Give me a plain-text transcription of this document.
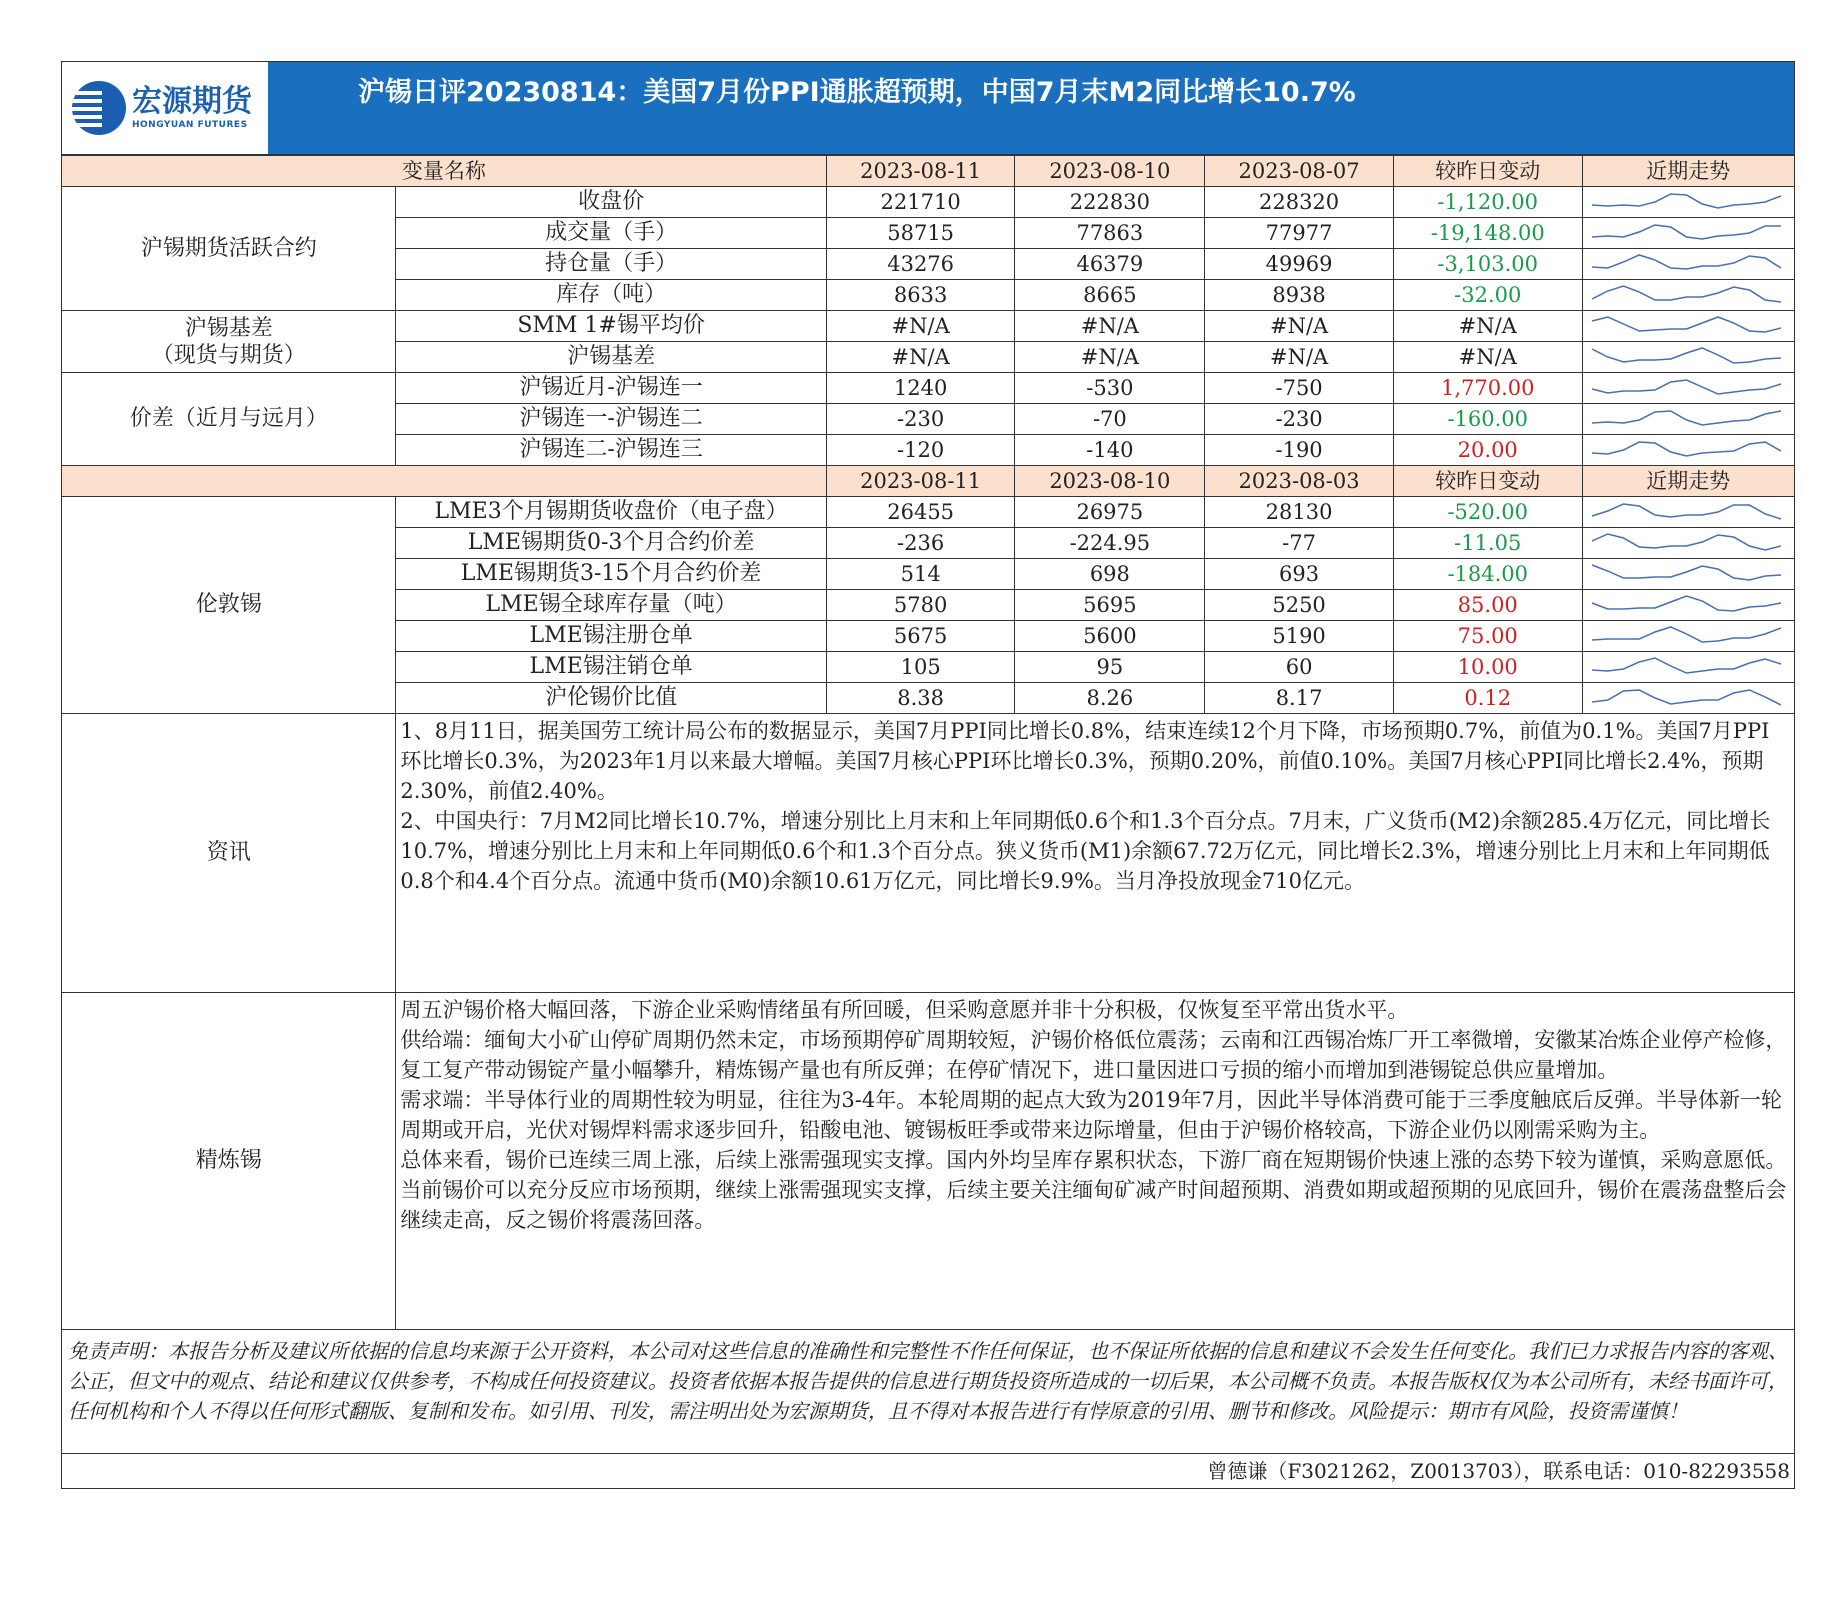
宏源期货
HONGYUAN FUTURES
沪锡日评20230814：美国7月份PPI通胀超预期，中国7月末M2同比增长10.7%
变量名称		2023-08-11	2023-08-10	2023-08-07	较昨日变动	近期走势
沪锡期货活跃合约	收盘价	221710	222830	228320	-1,120.00	

	成交量（手）	58715	77863	77977	-19,148.00	

	持仓量（手）	43276	46379	49969	-3,103.00	

	库存（吨）	8633	8665	8938	-32.00	

沪锡基差
（现货与期货）	SMM 1#锡平均价	#N/A	#N/A	#N/A	#N/A	

	沪锡基差	#N/A	#N/A	#N/A	#N/A	

价差（近月与远月）	沪锡近月-沪锡连一	1240	-530	-750	1,770.00	

	沪锡连一-沪锡连二	-230	-70	-230	-160.00	

	沪锡连二-沪锡连三	-120	-140	-190	20.00	

		2023-08-11	2023-08-10	2023-08-03	较昨日变动	近期走势
伦敦锡	LME3个月锡期货收盘价（电子盘）	26455	26975	28130	-520.00	

	LME锡期货0-3个月合约价差	-236	-224.95	-77	-11.05	

	LME锡期货3-15个月合约价差	514	698	693	-184.00	

	LME锡全球库存量（吨）	5780	5695	5250	85.00	

	LME锡注册仓单	5675	5600	5190	75.00	

	LME锡注销仓单	105	95	60	10.00	

	沪伦锡价比值	8.38	8.26	8.17	0.12	

资讯	1、8月11日，据美国劳工统计局公布的数据显示，美国7月PPI同比增长0.8%，结束连续12个月下降，市场预期0.7%，前值为0.1%。美国7月PPI环比增长0.3%，为2023年1月以来最大增幅。美国7月核心PPI环比增长0.3%，预期0.20%，前值0.10%。美国7月核心PPI同比增长2.4%，预期2.30%，前值2.40%。
2、中国央行：7月M2同比增长10.7%，增速分别比上月末和上年同期低0.6个和1.3个百分点。7月末，广义货币(M2)余额285.4万亿元，同比增长10.7%，增速分别比上月末和上年同期低0.6个和1.3个百分点。狭义货币(M1)余额67.72万亿元，同比增长2.3%，增速分别比上月末和上年同期低0.8个和4.4个百分点。流通中货币(M0)余额10.61万亿元，同比增长9.9%。当月净投放现金710亿元。					

精炼锡	周五沪锡价格大幅回落，下游企业采购情绪虽有所回暖，但采购意愿并非十分积极，仅恢复至平常出货水平。
供给端：缅甸大小矿山停矿周期仍然未定，市场预期停矿周期较短，沪锡价格低位震荡；云南和江西锡冶炼厂开工率微增，安徽某冶炼企业停产检修，复工复产带动锡锭产量小幅攀升，精炼锡产量也有所反弹；在停矿情况下，进口量因进口亏损的缩小而增加到港锡锭总供应量增加。
需求端：半导体行业的周期性较为明显，往往为3-4年。本轮周期的起点大致为2019年7月，因此半导体消费可能于三季度触底后反弹。半导体新一轮周期或开启，光伏对锡焊料需求逐步回升，铅酸电池、镀锡板旺季或带来边际增量，但由于沪锡价格较高，下游企业仍以刚需采购为主。
总体来看，锡价已连续三周上涨，后续上涨需强现实支撑。国内外均呈库存累积状态，下游厂商在短期锡价快速上涨的态势下较为谨慎，采购意愿低。当前锡价可以充分反应市场预期，继续上涨需强现实支撑，后续主要关注缅甸矿减产时间超预期、消费如期或超预期的见底回升，锡价在震荡盘整后会继续走高，反之锡价将震荡回落。					
免责声明：本报告分析及建议所依据的信息均来源于公开资料，本公司对这些信息的准确性和完整性不作任何保证，也不保证所依据的信息和建议不会发生任何变化。我们已力求报告内容的客观、公正，但文中的观点、结论和建议仅供参考，不构成任何投资建议。投资者依据本报告提供的信息进行期货投资所造成的一切后果，本公司概不负责。本报告版权仅为本公司所有，未经书面许可，任何机构和个人不得以任何形式翻版、复制和发布。如引用、刊发，需注明出处为宏源期货，且不得对本报告进行有悖原意的引用、删节和修改。风险提示：期市有风险，投资需谨慎！
曾德谦（F3021262，Z0013703），联系电话：010-82293558
